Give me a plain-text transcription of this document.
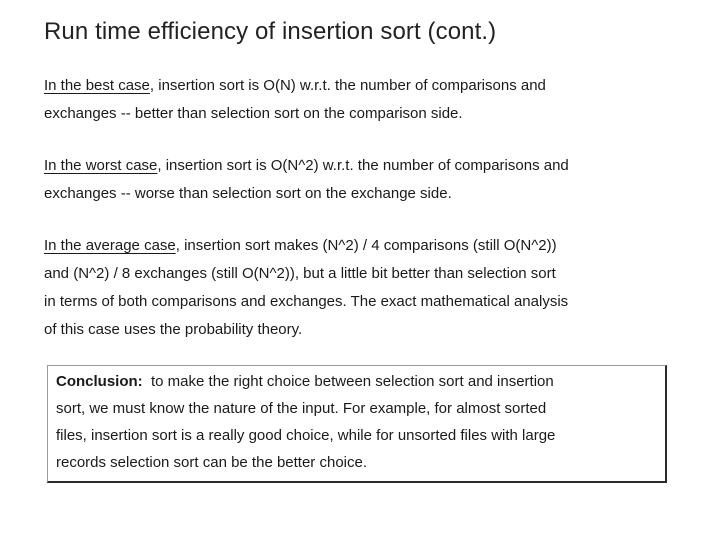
Run time efficiency of insertion sort (cont.)
In the best case, insertion sort is O(N) w.r.t. the number of comparisons and
exchanges -- better than selection sort on the comparison side.
In the worst case, insertion sort is O(N^2) w.r.t. the number of comparisons and
exchanges -- worse than selection sort on the exchange side.
In the average case, insertion sort makes (N^2) / 4 comparisons (still O(N^2))
and (N^2) / 8 exchanges (still O(N^2)), but a little bit better than selection sort
in terms of both comparisons and exchanges. The exact mathematical analysis
of this case uses the probability theory.
Conclusion:  to make the right choice between selection sort and insertion
sort, we must know the nature of the input. For example, for almost sorted
files, insertion sort is a really good choice, while for unsorted files with large
records selection sort can be the better choice.
